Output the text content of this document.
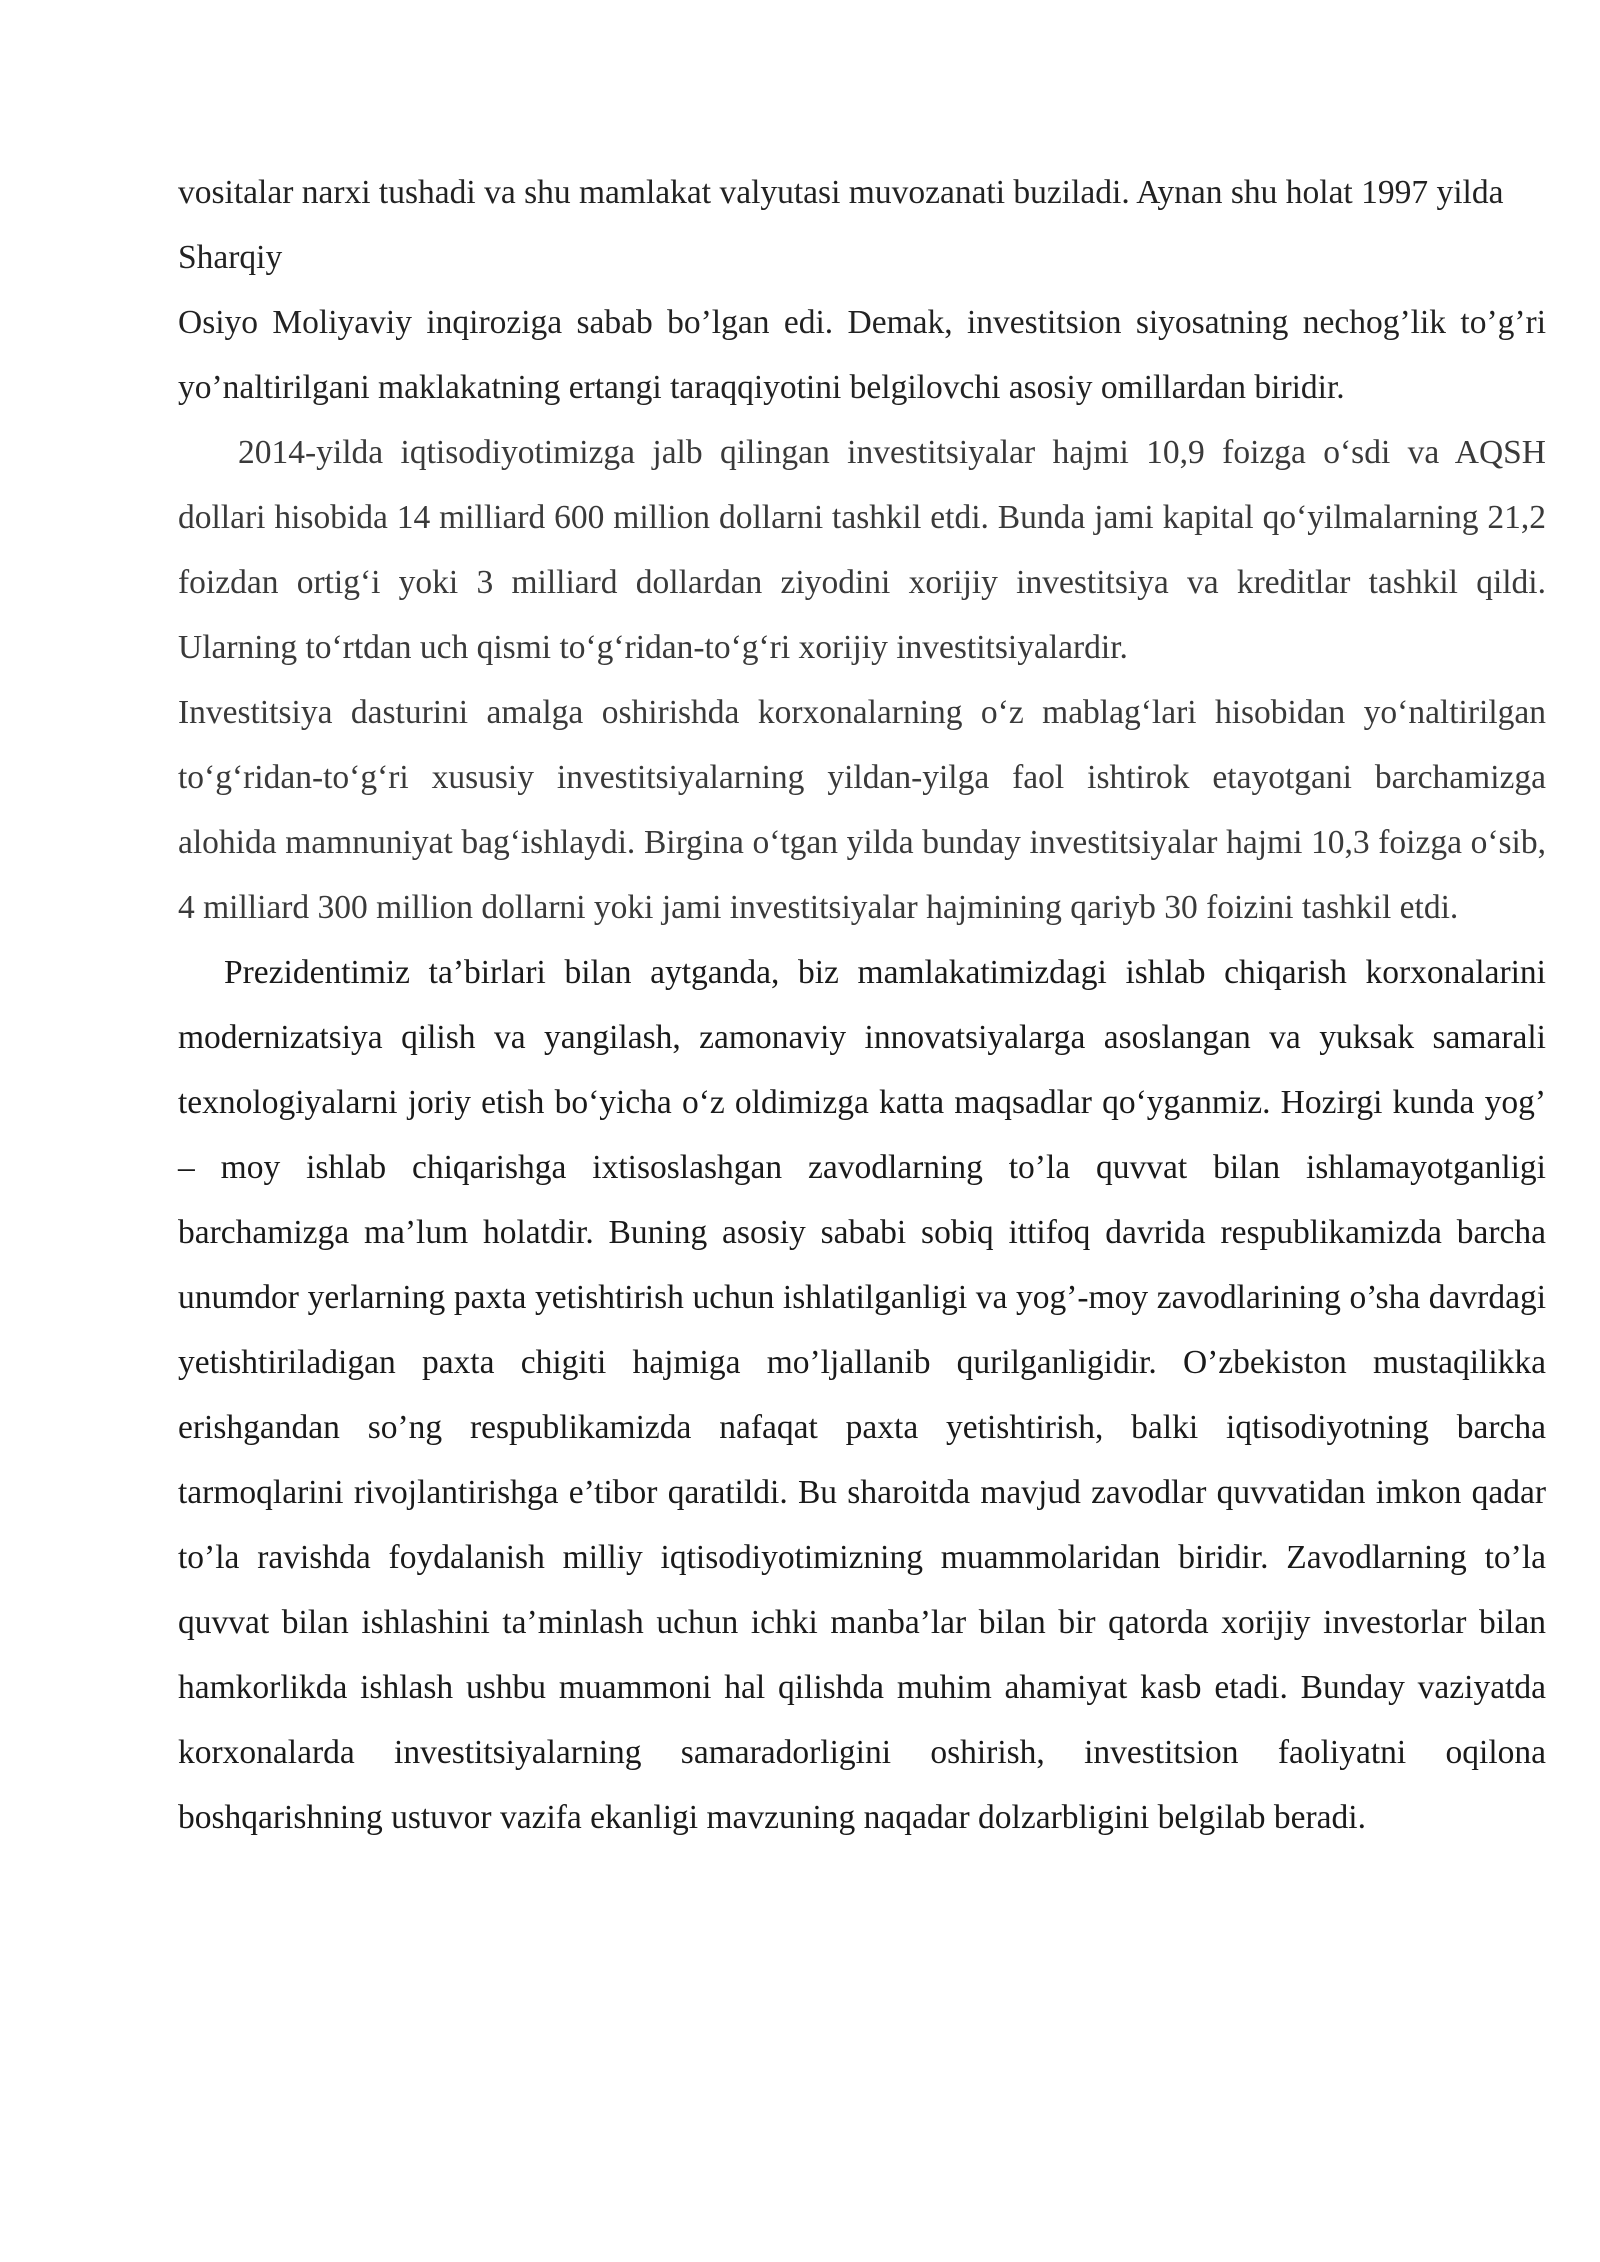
vositalar narxi tushadi va shu mamlakat valyutasi muvozanati buziladi. Aynan shu holat 1997 yilda Sharqiy

Osiyo Moliyaviy inqiroziga sabab bo’lgan edi. Demak, investitsion siyosatning nechog’lik to’g’ri yo’naltirilgani maklakatning ertangi taraqqiyotini belgilovchi asosiy omillardan biridir.

2014-yilda iqtisodiyotimizga jalb qilingan investitsiyalar hajmi 10,9 foizga oʻsdi va AQSH dollari hisobida 14 milliard 600 million dollarni tashkil etdi. Bunda jami kapital qoʻyilmalarning 21,2 foizdan ortigʻi yoki 3 milliard dollardan ziyodini xorijiy investitsiya va kreditlar tashkil qildi. Ularning toʻrtdan uch qismi toʻgʻridan-toʻgʻri xorijiy investitsiyalardir.

Investitsiya dasturini amalga oshirishda korxonalarning oʻz mablagʻlari hisobidan yoʻnaltirilgan toʻgʻridan-toʻgʻri xususiy investitsiyalarning yildan-yilga faol ishtirok etayotgani barchamizga alohida mamnuniyat bagʻishlaydi. Birgina oʻtgan yilda bunday investitsiyalar hajmi 10,3 foizga oʻsib, 4 milliard 300 million dollarni yoki jami investitsiyalar hajmining qariyb 30 foizini tashkil etdi.

Prezidentimiz ta’birlari bilan aytganda, biz mamlakatimizdagi ishlab chiqarish korxonalarini modernizatsiya qilish va yangilash, zamonaviy innovatsiyalarga asoslangan va yuksak samarali texnologiyalarni joriy etish boʻyicha oʻz oldimizga katta maqsadlar qoʻyganmiz. Hozirgi kunda yog’ – moy ishlab chiqarishga ixtisoslashgan zavodlarning to’la quvvat bilan ishlamayotganligi barchamizga ma’lum holatdir. Buning asosiy sababi sobiq ittifoq davrida respublikamizda barcha unumdor yerlarning paxta yetishtirish uchun ishlatilganligi va yog’-moy zavodlarining o’sha davrdagi yetishtiriladigan paxta chigiti hajmiga mo’ljallanib qurilganligidir. O’zbekiston mustaqilikka erishgandan so’ng respublikamizda nafaqat paxta yetishtirish, balki iqtisodiyotning barcha tarmoqlarini rivojlantirishga e’tibor qaratildi. Bu sharoitda mavjud zavodlar quvvatidan imkon qadar to’la ravishda foydalanish milliy iqtisodiyotimizning muammolaridan biridir. Zavodlarning to’la quvvat bilan ishlashini ta’minlash uchun ichki manba’lar bilan bir qatorda xorijiy investorlar bilan hamkorlikda ishlash ushbu muammoni hal qilishda muhim ahamiyat kasb etadi. Bunday vaziyatda korxonalarda investitsiyalarning samaradorligini oshirish, investitsion faoliyatni oqilona boshqarishning ustuvor vazifa ekanligi mavzuning naqadar dolzarbligini belgilab beradi.
